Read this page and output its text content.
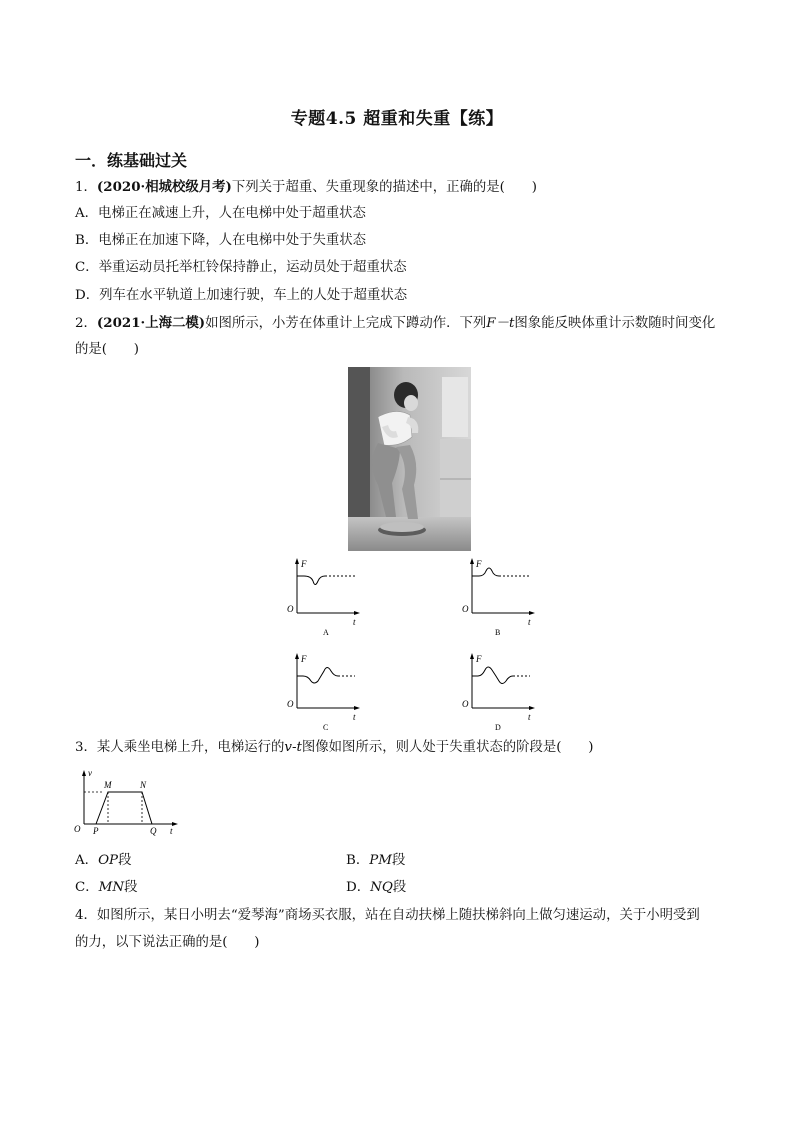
专题4.5 超重和失重【练】
一．练基础过关
1．(2020·相城校级月考)下列关于超重、失重现象的描述中，正确的是(　　)
A．电梯正在减速上升，人在电梯中处于超重状态
B．电梯正在加速下降，人在电梯中处于失重状态
C．举重运动员托举杠铃保持静止，运动员处于超重状态
D．列车在水平轨道上加速行驶，车上的人处于超重状态
2．(2021·上海二模)如图所示，小芳在体重计上完成下蹲动作．下列F－t图象能反映体重计示数随时间变化
的是(　　)
F
t
O
A
F
t
O
B
F
t
O
C
F
t
O
D
3．某人乘坐电梯上升，电梯运行的v-t图像如图所示，则人处于失重状态的阶段是(　　)
v
t
O P
M	N
Q
A．OP段	B．PM段
C．MN段	D．NQ段
4．如图所示，某日小明去“爱琴海”商场买衣服，站在自动扶梯上随扶梯斜向上做匀速运动，关于小明受到
的力，以下说法正确的是(　　)
